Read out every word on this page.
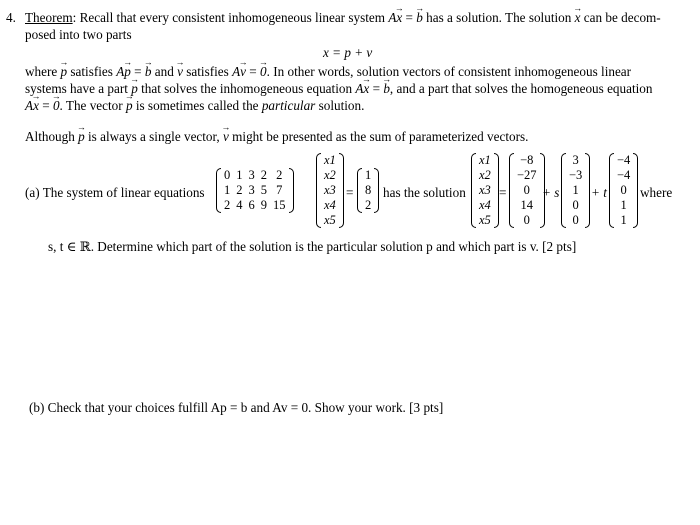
4. Theorem: Recall that every consistent inhomogeneous linear system A→ x = → b has a solution. The solution → x can be decom-
posed into two parts
x = p + v
where → p satisfies A→ p = → b and → v satisfies A→ v = → 0. In other words, solution vectors of consistent inhomogeneous linear
systems have a part → p that solves the inhomogeneous equation A→ x = → b, and a part that solves the homogeneous equation
A→ x = → 0. The vector → p is sometimes called the particular solution.
Although → p is always a single vector, → v might be presented as the sum of parameterized vectors.
(a) The system of linear equations
0	1	3	2	2
1	2	3	5	7
2	4	6	9	15
x1
x2
x3
x4
x5
=
1
8
2
has the solution
x1
x2
x3
x4
x5
=
−8
−27
0
14
0
+ s
3
−3
1
0
0
+ t
−4
−4
0
1
1
where
s, t ∈ ℝ. Determine which part of the solution is the particular solution p and which part is v. [2 pts]
(b) Check that your choices fulfill Ap = b and Av = 0. Show your work. [3 pts]
